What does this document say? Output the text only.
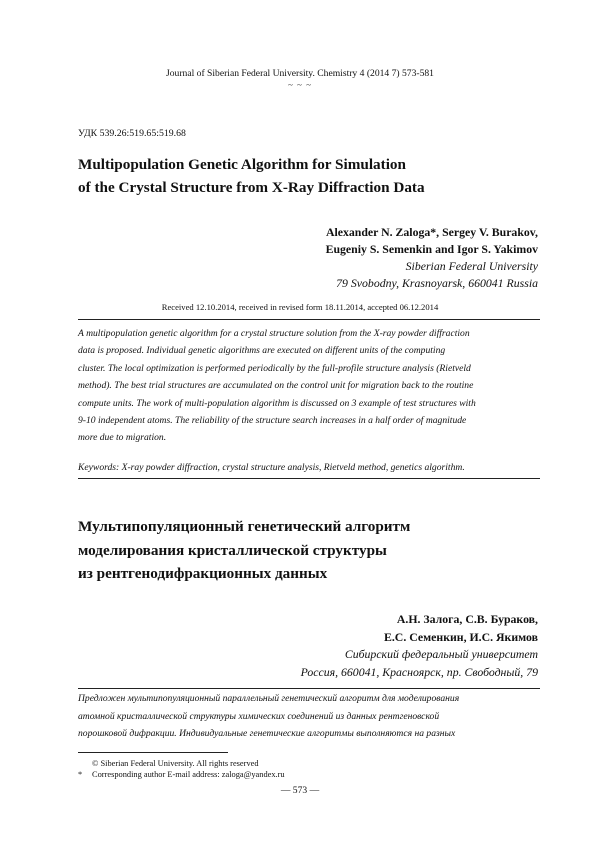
Journal of Siberian Federal University. Chemistry 4 (2014 7) 573-581
~ ~ ~
УДК 539.26:519.65:519.68
Multipopulation Genetic Algorithm for Simulation
of the Crystal Structure from X-Ray Diffraction Data
Alexander N. Zaloga*, Sergey V. Burakov,
Eugeniy S. Semenkin and Igor S. Yakimov
Siberian Federal University
79 Svobodny, Krasnoyarsk, 660041 Russia
Received 12.10.2014, received in revised form 18.11.2014, accepted 06.12.2014
A multipopulation genetic algorithm for a crystal structure solution from the X-ray powder diffraction
data is proposed. Individual genetic algorithms are executed on different units of the computing
cluster. The local optimization is performed periodically by the full-profile structure analysis (Rietveld
method). The best trial structures are accumulated on the control unit for migration back to the routine
compute units. The work of multi-population algorithm is discussed on 3 example of test structures with
9-10 independent atoms. The reliability of the structure search increases in a half order of magnitude
more due to migration.
Keywords: X-ray powder diffraction, crystal structure analysis, Rietveld method, genetics algorithm.
Мультипопуляционный генетический алгоритм
моделирования кристаллической структуры
из рентгенодифракционных данных
А.Н. Залога, С.В. Бураков,
Е.С. Семенкин, И.С. Якимов
Сибирский федеральный университет
Россия, 660041, Красноярск, пр. Свободный, 79
Предложен мультипопуляционный параллельный генетический алгоритм для моделирования
атомной кристаллической структуры химических соединений из данных рентгеновской
порошковой дифракции. Индивидуальные генетические алгоритмы выполняются на разных
© Siberian Federal University. All rights reserved
* Corresponding author E-mail address: zaloga@yandex.ru
— 573 —
